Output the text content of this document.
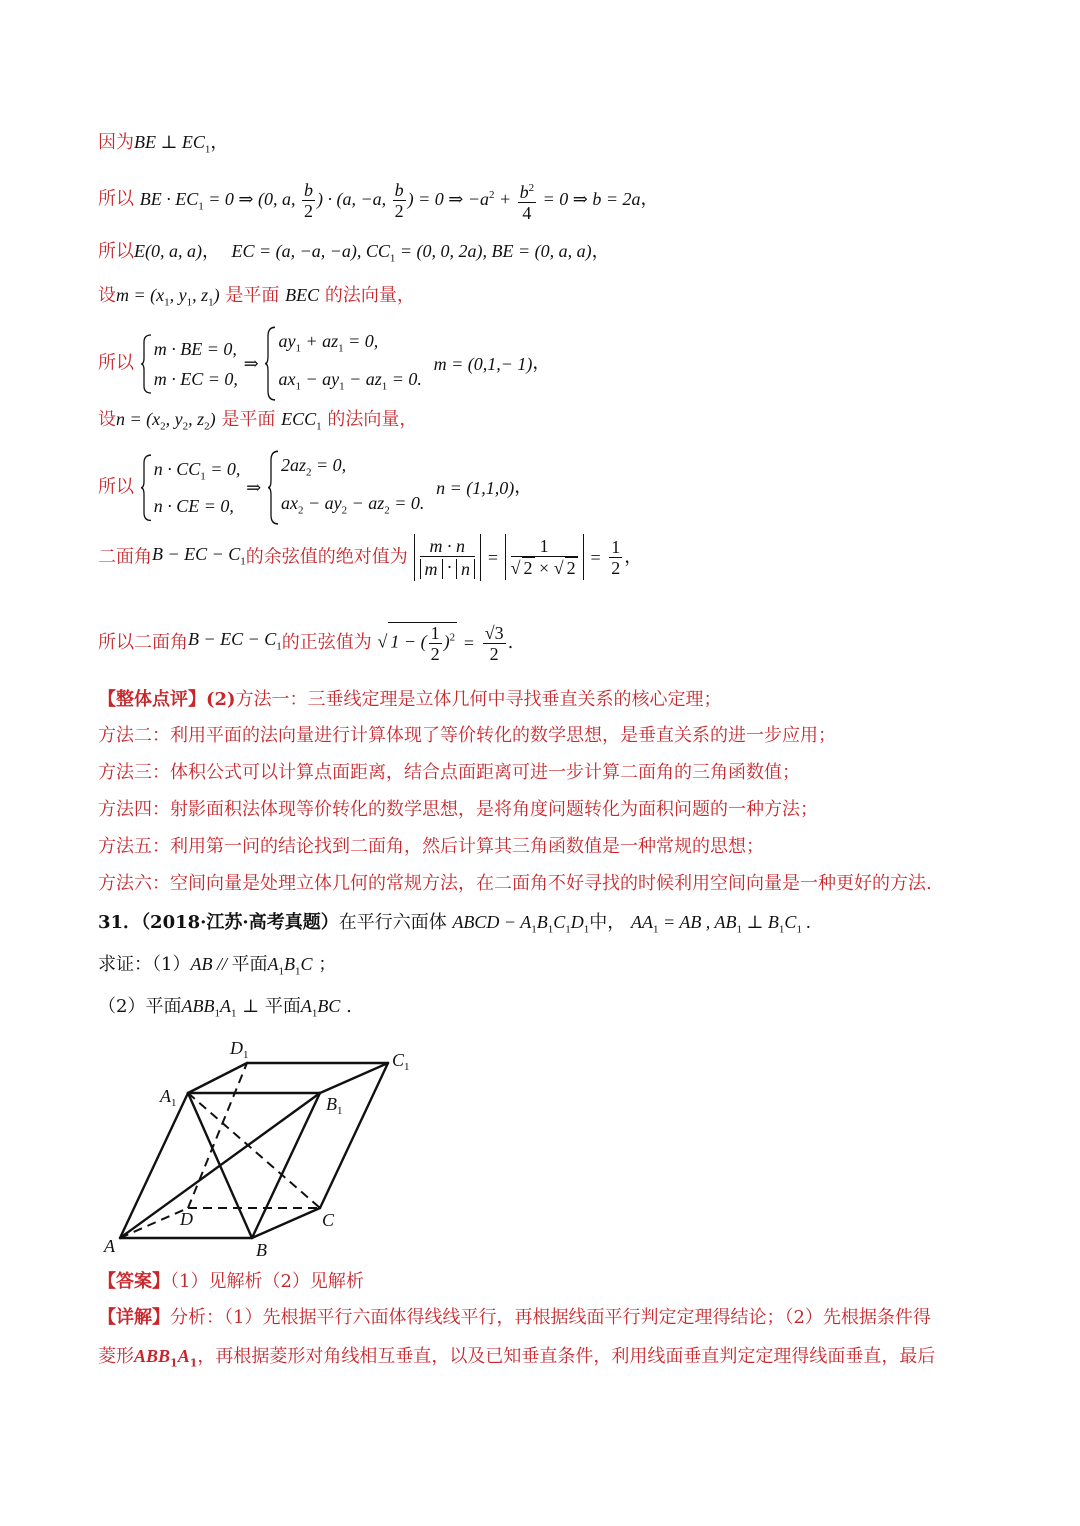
因为BE ⊥ $EC_1$，
所以 BE · $EC_1 = 0$ ⇒ (0, a, $\frac{b}{2}$ ) · (a, −a, $\frac{b}{2}$ ) = 0 ⇒ $-a^2 + \frac{b^2}{4} = 0$ ⇒ b = 2a，
所以E(0, a, a)，  EC = (a, −a, −a), $CC_1 = (0$, 0, 2a), BE = (0, a, a)，
设$m = (x_1$, $y_1$, $z_1$) 是平面 BEC 的法向量，
所以
m · BE = 0,
m · EC = 0,
⇒
$ay_1 + az_1 = 0$,
$ax_1 - ay_1 - az_1 = 0$.
m = (0,1,− 1)，
设$n = (x_2$, $y_2$, $z_2$) 是平面 $ECC_1$ 的法向量，
所以
$n \cdot CC_1 = 0$,
n · CE = 0,
⇒
$2az_2 = 0$,
$ax_2 - ay_2 - az_2 = 0$.
n = (1,1,0)，
二面角B − EC − $C_1$的余弦值的绝对值为 $\frac{m \cdot n}{m \cdot n} = \frac{1}{√ 2 \times √ 2} = \frac{1}{2}$ ，
所以二面角B − EC − $C_1$的正弦值为 √ 1 − ( $\frac{1}{2} )^2 = \frac{√3}{2}$ .
【整体点评】(2)方法一：三垂线定理是立体几何中寻找垂直关系的核心定理；
方法二：利用平面的法向量进行计算体现了等价转化的数学思想，是垂直关系的进一步应用；
方法三：体积公式可以计算点面距离，结合点面距离可进一步计算二面角的三角函数值；
方法四：射影面积法体现等价转化的数学思想，是将角度问题转化为面积问题的一种方法；
方法五：利用第一问的结论找到二面角，然后计算其三角函数值是一种常规的思想；
方法六：空间向量是处理立体几何的常规方法，在二面角不好寻找的时候利用空间向量是一种更好的方法.
31．（2018·江苏·高考真题）在平行六面体 ABCD − $A_1B_1C_1D_1$中， $AA_1$ = AB , $AB_1$ ⊥ $B_1C_1$ .
求证：（1）AB // 平面$A_1B_1C$ ；
（2）平面$ABB_1A_1$ ⊥ 平面$A_1BC$ .
A	B
C
D
$A_1$	$B_1$
$C_1$
$D_1$
【答案】（1）见解析（2）见解析
【详解】分析：（1）先根据平行六面体得线线平行，再根据线面平行判定定理得结论；（2）先根据条件得
菱形$ABB_1A_1$，再根据菱形对角线相互垂直，以及已知垂直条件，利用线面垂直判定定理得线面垂直，最后
